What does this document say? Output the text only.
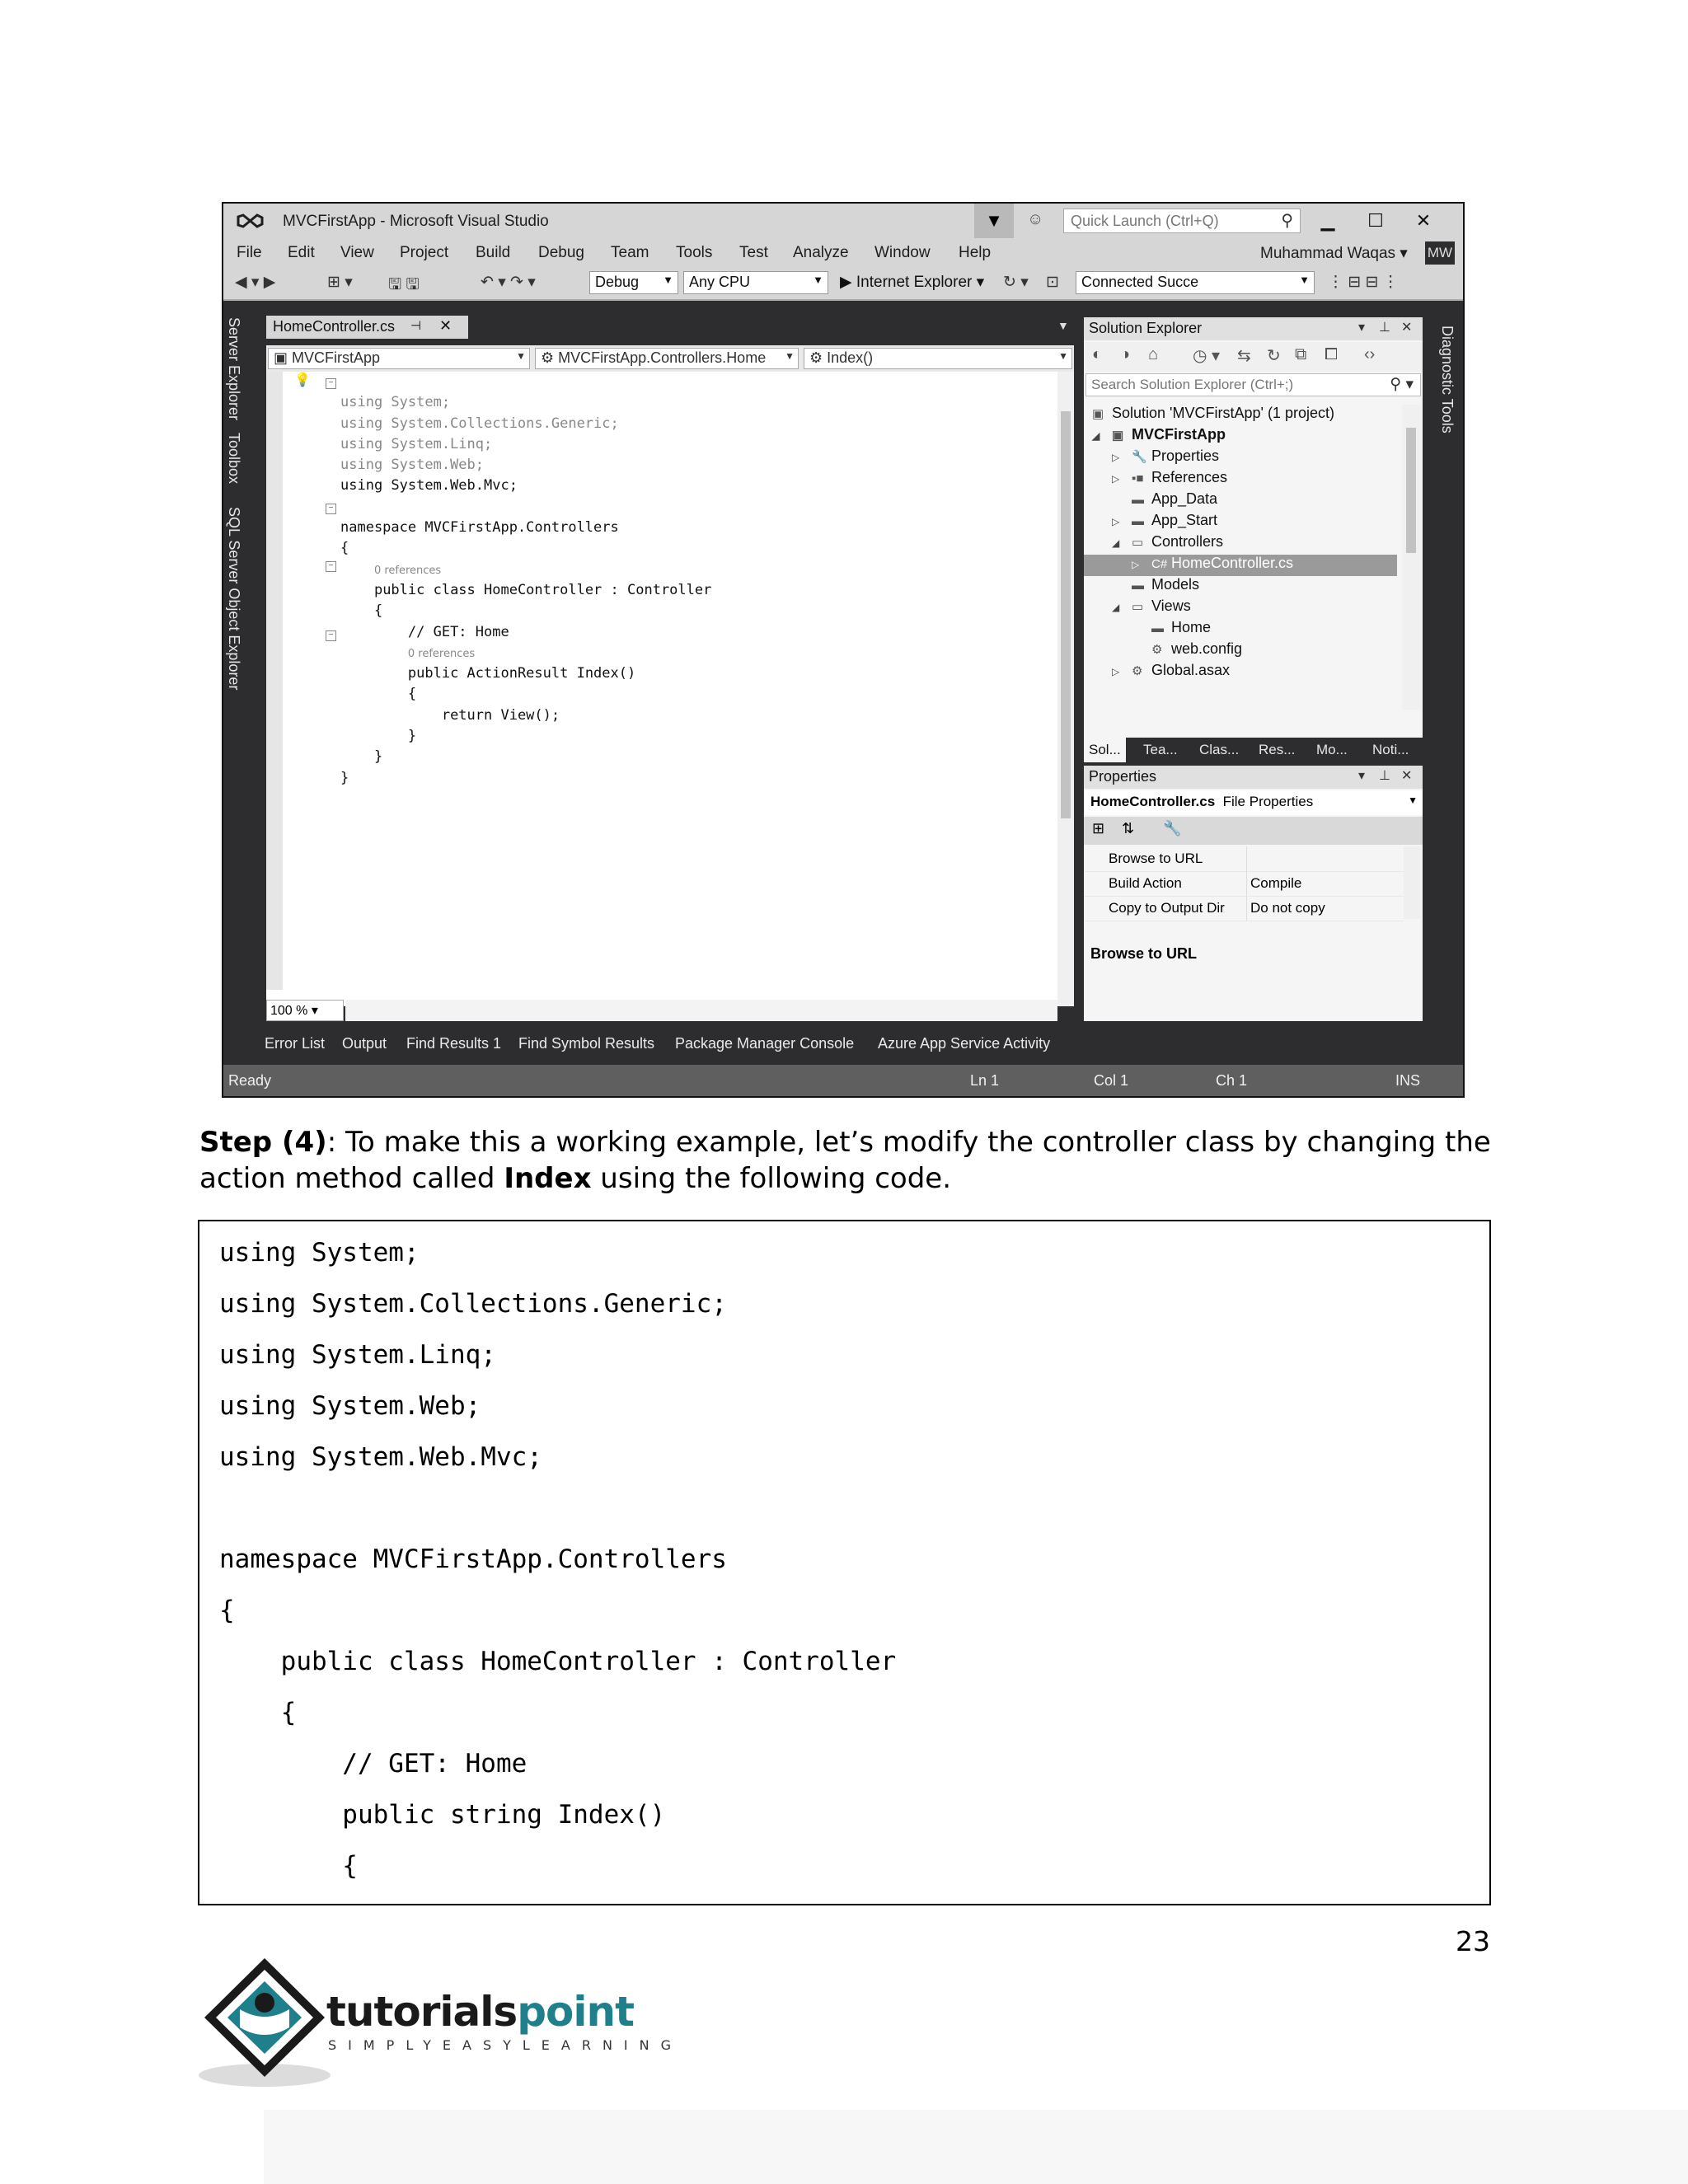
MVCFirstApp - Microsoft Visual Studio	▼	☺	Quick Launch (Ctrl+Q)	⚲	▁	☐	✕
File Edit View Project Build Debug Team Tools Test Analyze Window Help	Muhammad Waqas ▾ MW
◀ ▾ ▶	⊞ ▾ 🖫 🖫	↶ ▾ ↷ ▾	Debug ▼	Any CPU	▼ ▶ Internet Explorer ▾ ↻ ▾ ⊡	Connected Succe	▼ ⋮ ⊟ ⊟ ⋮
Server Explorer
Toolbox
SQL Server Object Explorer
HomeController.cs ⊣ ✕	▼
▣ MVCFirstApp	▼	⚙ MVCFirstApp.Controllers.Home ▼	⚙ Index()	▼
💡	−
−
−
−

using System;
using System.Collections.Generic;
using System.Linq;
using System.Web;
using System.Web.Mvc;

namespace MVCFirstApp.Controllers
{
0 references
public class HomeController : Controller
{
// GET: Home
0 references
public ActionResult Index()
{
return View();
}
}
}

100 % ▾
Error List Output Find Results 1 Find Symbol Results Package Manager Console Azure App Service Activity
Ready	Ln 1	Col 1	Ch 1	INS
Solution Explorer	▾ ⊥ ✕
◐ ◑ ⌂ ◷ ▾ ⇆ ↻ ⧉ ⧠ ‹›
Search Solution Explorer (Ctrl+;)	⚲ ▾
▣ Solution 'MVCFirstApp' (1 project)
◢ ▣ MVCFirstApp
▷ 🔧 Properties
▷ ▪■ References
▬ App_Data
▷ ▬ App_Start
◢ ▭ Controllers
▷ C# HomeController.cs
▬ Models
◢ ▭ Views
▬ Home
⚙ web.config
▷ ⚙ Global.asax
Sol...	Tea... Clas... Res... Mo... Noti...
Properties	▾ ⊥ ✕
HomeController.cs File Properties	▼
⊞ ⇅ 🔧
Browse to URL
Build Action	Compile
Copy to Output Dir	Do not copy
Browse to URL
Diagnostic Tools

Step (4): To make this a working example, let’s modify the controller class by changing the action method called Index using the following code.

using System;
using System.Collections.Generic;
using System.Linq;
using System.Web;
using System.Web.Mvc;
namespace MVCFirstApp.Controllers
{
public class HomeController : Controller
{
// GET: Home
public string Index()
{
23
tutorialspoint
SIMPLYEASYLEARNING
